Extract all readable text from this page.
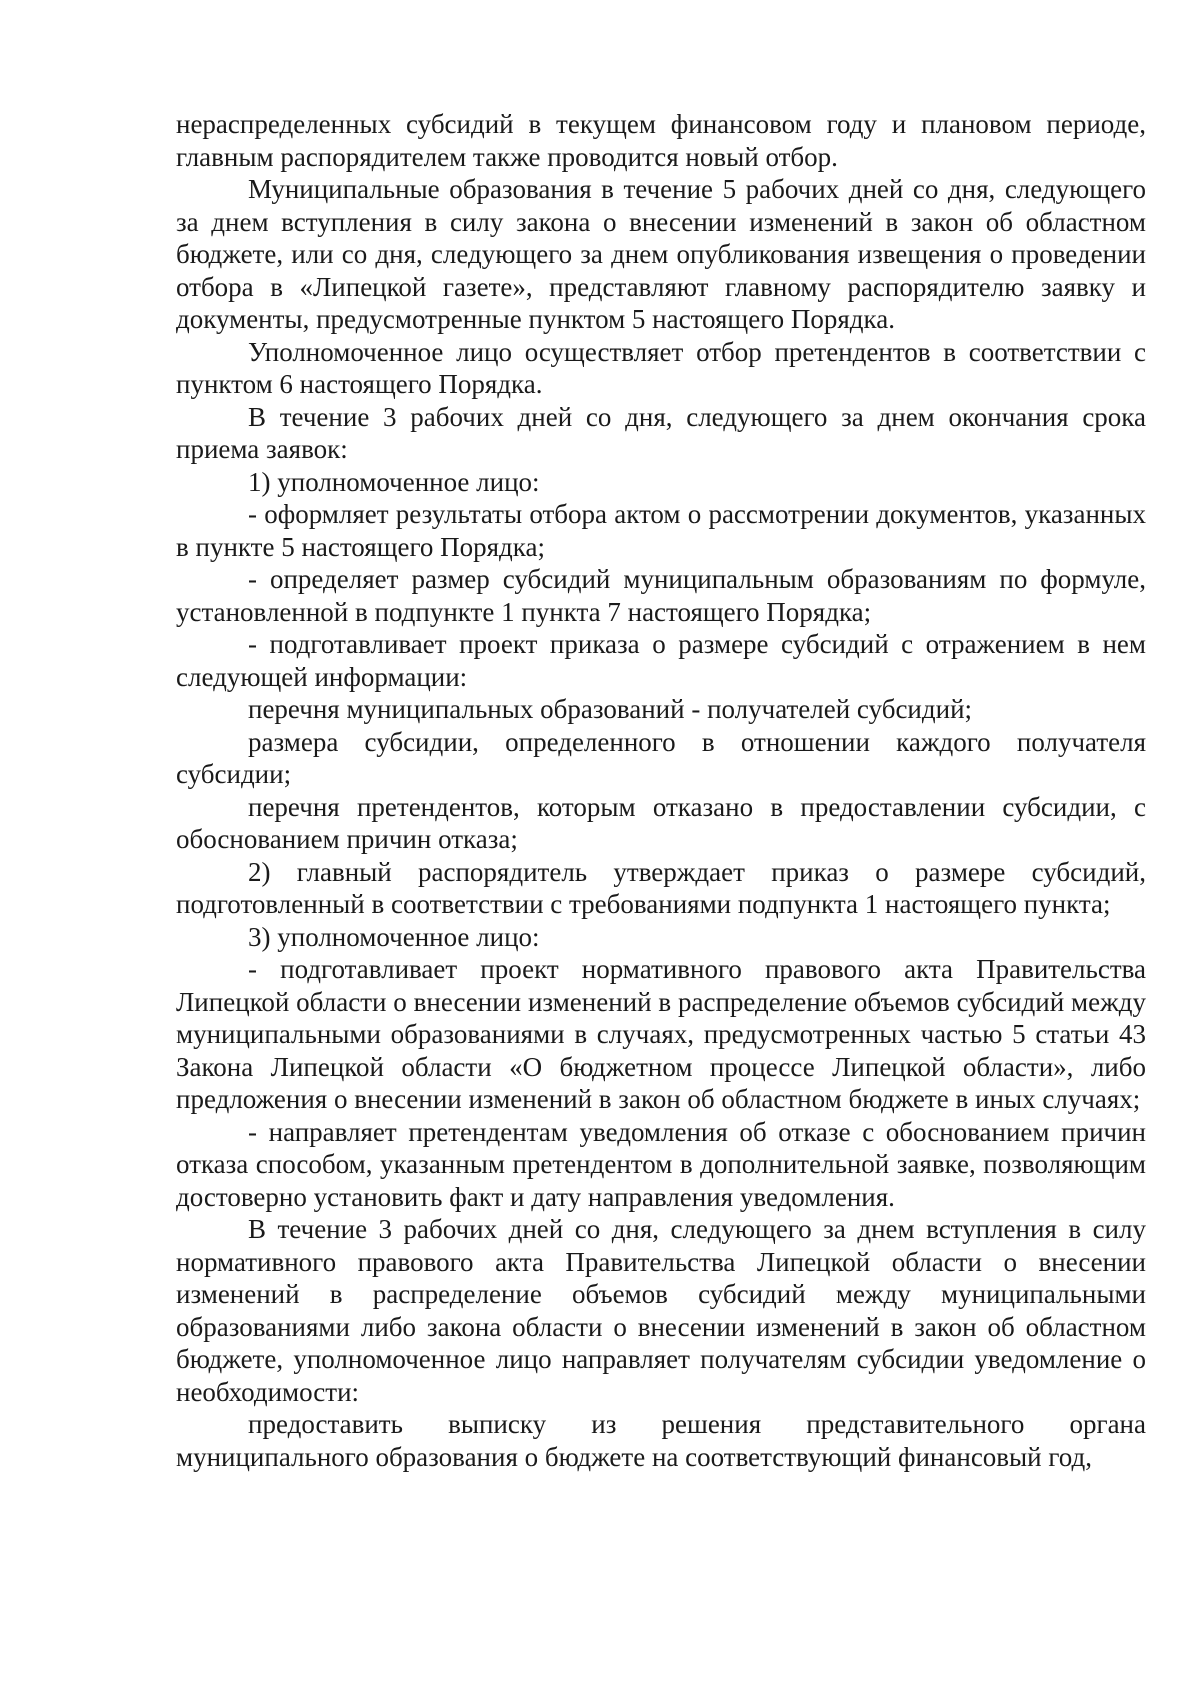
нераспределенных субсидий в текущем финансовом году и плановом периоде, главным распорядителем также проводится новый отбор.

Муниципальные образования в течение 5 рабочих дней со дня, следующего за днем вступления в силу закона о внесении изменений в закон об областном бюджете, или со дня, следующего за днем опубликования извещения о проведении отбора в «Липецкой газете», представляют главному распорядителю заявку и документы, предусмотренные пунктом 5 настоящего Порядка.

Уполномоченное лицо осуществляет отбор претендентов в соответствии с пунктом 6 настоящего Порядка.

В течение 3 рабочих дней со дня, следующего за днем окончания срока приема заявок:

1) уполномоченное лицо:

- оформляет результаты отбора актом о рассмотрении документов, указанных в пункте 5 настоящего Порядка;

- определяет размер субсидий муниципальным образованиям по формуле, установленной в подпункте 1 пункта 7 настоящего Порядка;

- подготавливает проект приказа о размере субсидий с отражением в нем следующей информации:

перечня муниципальных образований - получателей субсидий;

размера субсидии, определенного в отношении каждого получателя субсидии;

перечня претендентов, которым отказано в предоставлении субсидии, с обоснованием причин отказа;

2) главный распорядитель утверждает приказ о размере субсидий, подготовленный в соответствии с требованиями подпункта 1 настоящего пункта;

3) уполномоченное лицо:

- подготавливает проект нормативного правового акта Правительства Липецкой области о внесении изменений в распределение объемов субсидий между муниципальными образованиями в случаях, предусмотренных частью 5 статьи 43 Закона Липецкой области «О бюджетном процессе Липецкой области», либо предложения о внесении изменений в закон об областном бюджете в иных случаях;

- направляет претендентам уведомления об отказе с обоснованием причин отказа способом, указанным претендентом в дополнительной заявке, позволяющим достоверно установить факт и дату направления уведомления.

В течение 3 рабочих дней со дня, следующего за днем вступления в силу нормативного правового акта Правительства Липецкой области о внесении изменений в распределение объемов субсидий между муниципальными образованиями либо закона области о внесении изменений в закон об областном бюджете, уполномоченное лицо направляет получателям субсидии уведомление о необходимости:

предоставить выписку из решения представительного органа муниципального образования о бюджете на соответствующий финансовый год,
